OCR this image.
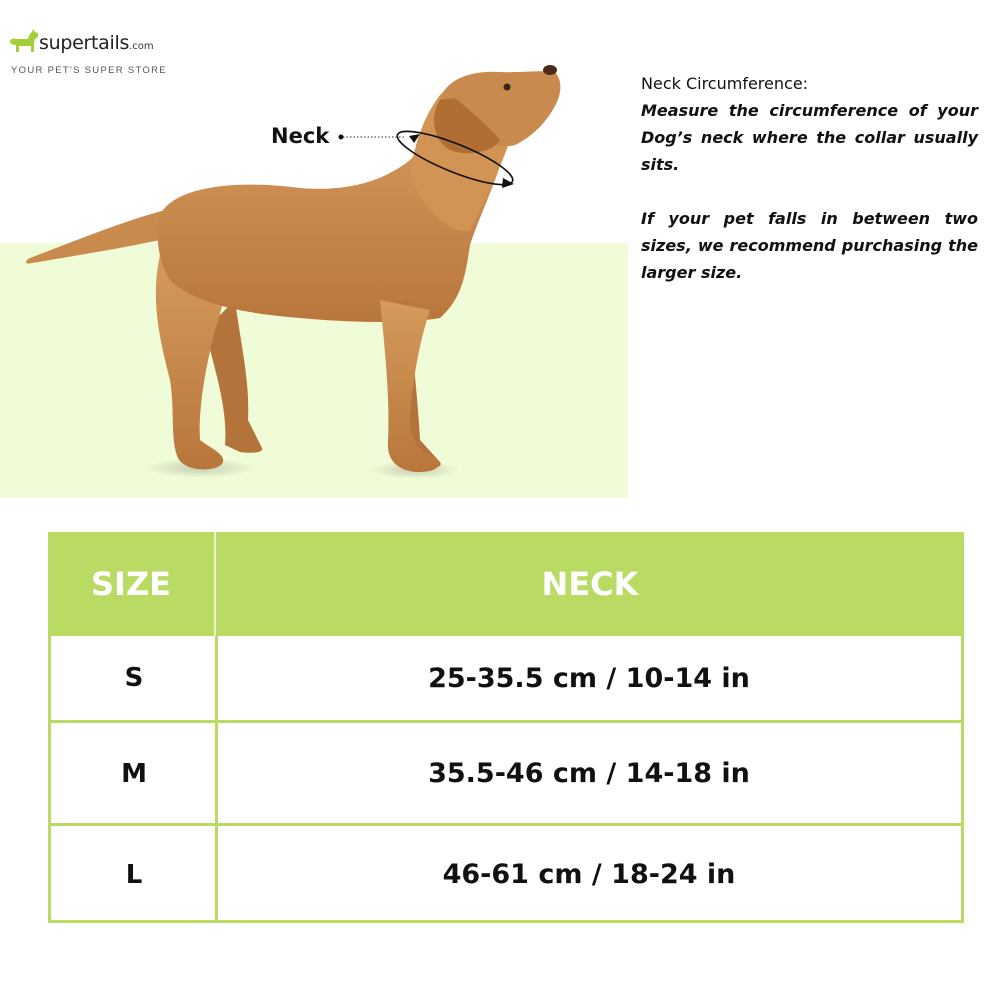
supertails.com
YOUR PET'S SUPER STORE
Neck
Neck Circumference:

Measure the circumference of your Dog’s neck where the collar usually sits.

If your pet falls in between two sizes, we recommend purchasing the larger size.

SIZE	NECK
S	25-35.5 cm / 10-14 in
M	35.5-46 cm / 14-18 in
L	46-61 cm / 18-24 in
